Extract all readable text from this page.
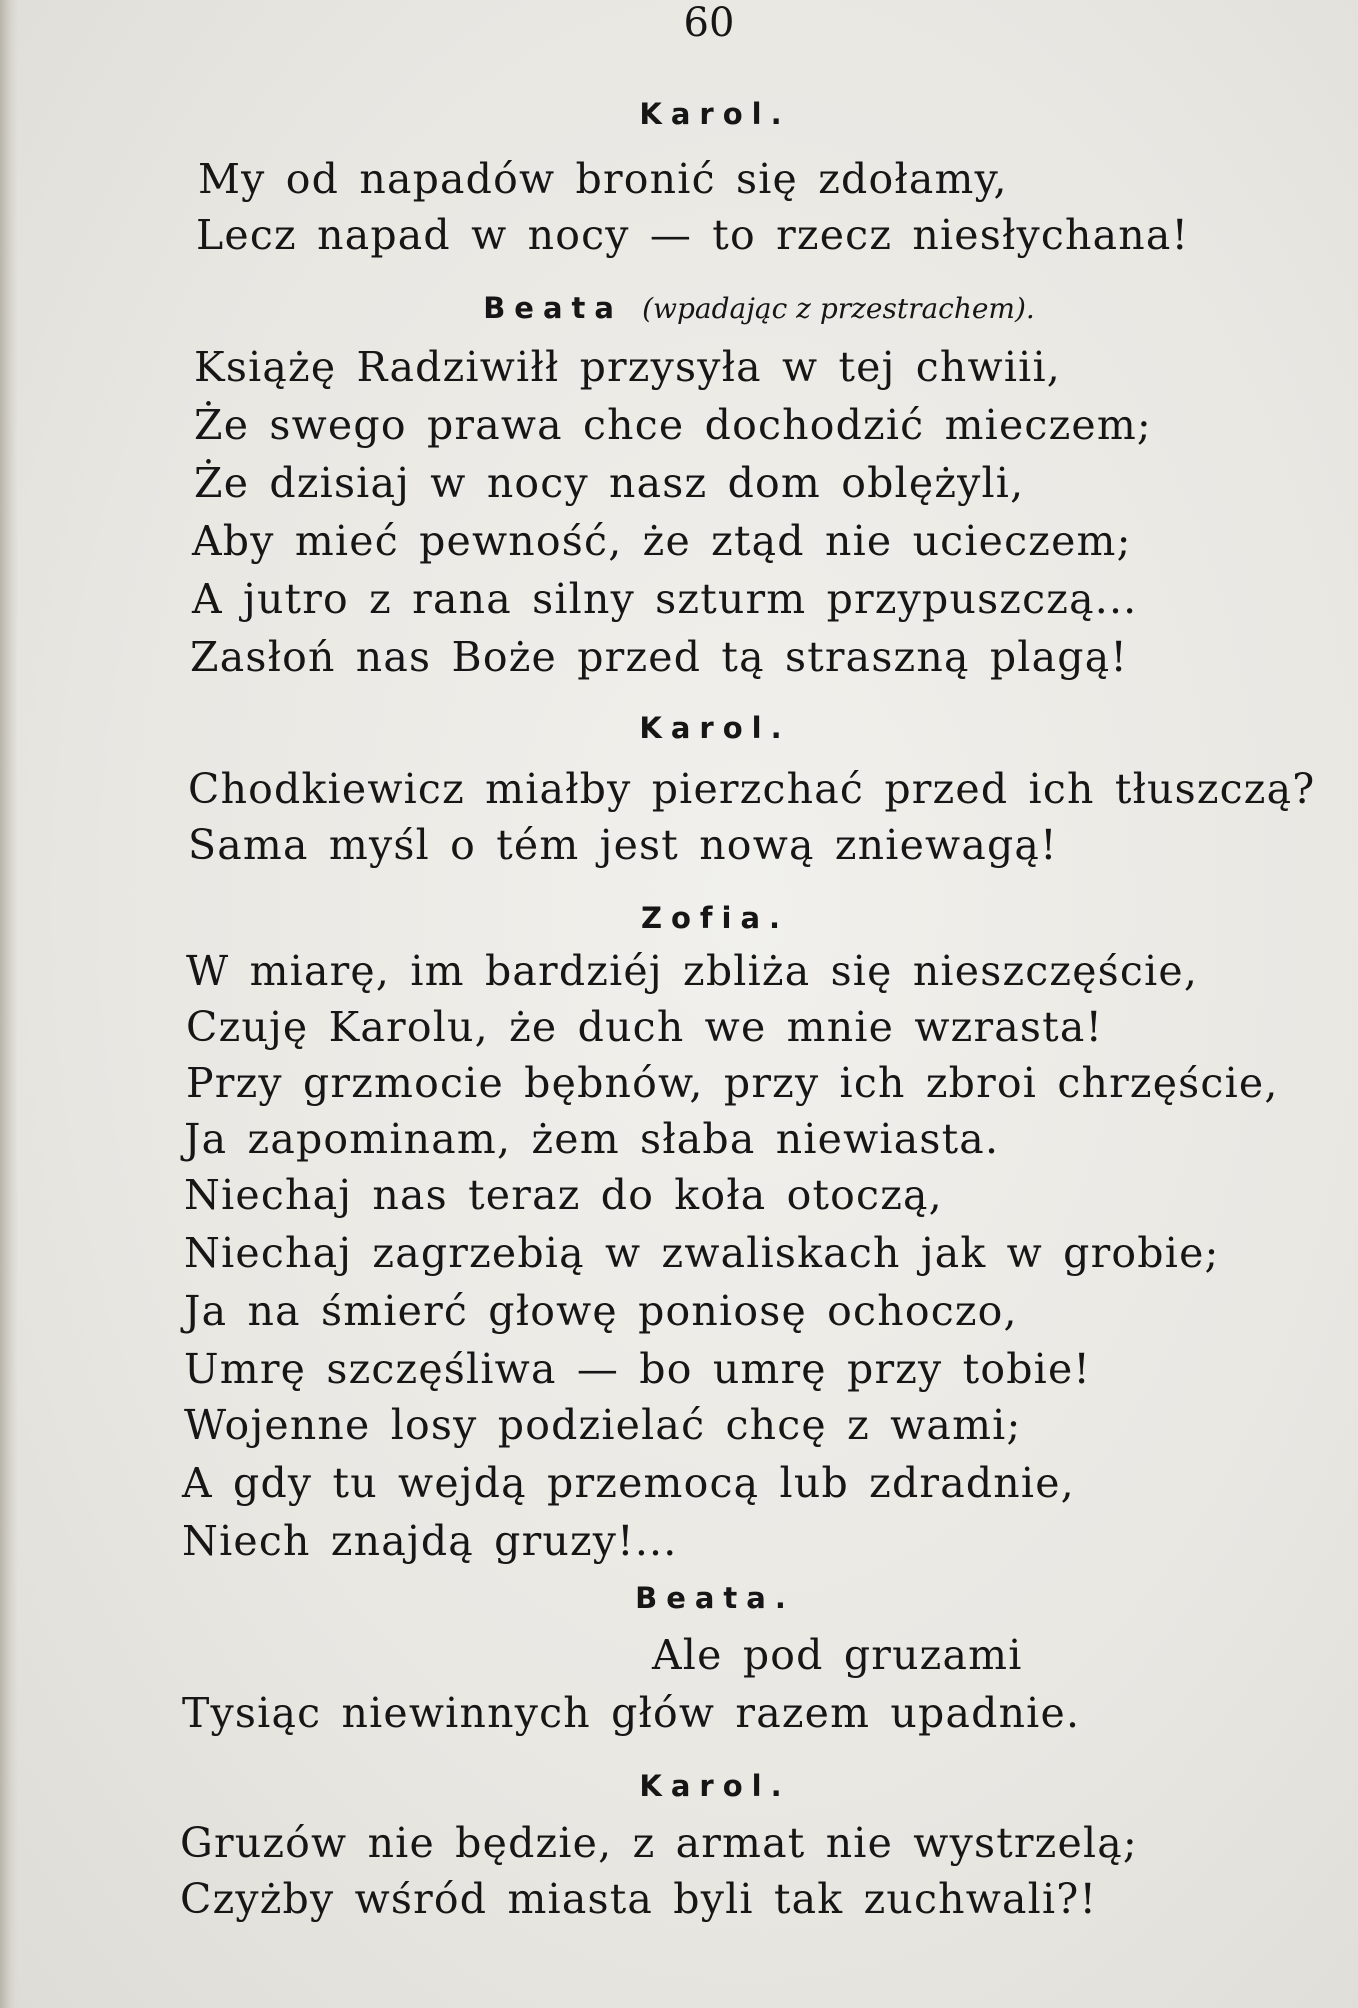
60
Karol.
My od napadów bronić się zdołamy,
Lecz napad w nocy — to rzecz niesłychana!
Beata (wpadając z przestrachem).
Książę Radziwiłł przysyła w tej chwiii,
Że swego prawa chce dochodzić mieczem;
Że dzisiaj w nocy nasz dom oblężyli,
Aby mieć pewność, że ztąd nie ucieczem;
A jutro z rana silny szturm przypuszczą...
Zasłoń nas Boże przed tą straszną plagą!
Karol.
Chodkiewicz miałby pierzchać przed ich tłuszczą?
Sama myśl o tém jest nową zniewagą!
Zofia.
W miarę, im bardziéj zbliża się nieszczęście,
Czuję Karolu, że duch we mnie wzrasta!
Przy grzmocie bębnów, przy ich zbroi chrzęście,
Ja zapominam, żem słaba niewiasta.
Niechaj nas teraz do koła otoczą,
Niechaj zagrzebią w zwaliskach jak w grobie;
Ja na śmierć głowę poniosę ochoczo,
Umrę szczęśliwa — bo umrę przy tobie!
Wojenne losy podzielać chcę z wami;
A gdy tu wejdą przemocą lub zdradnie,
Niech znajdą gruzy!...
Beata.
Ale pod gruzami
Tysiąc niewinnych głów razem upadnie.
Karol.
Gruzów nie będzie, z armat nie wystrzelą;
Czyżby wśród miasta byli tak zuchwali?!
